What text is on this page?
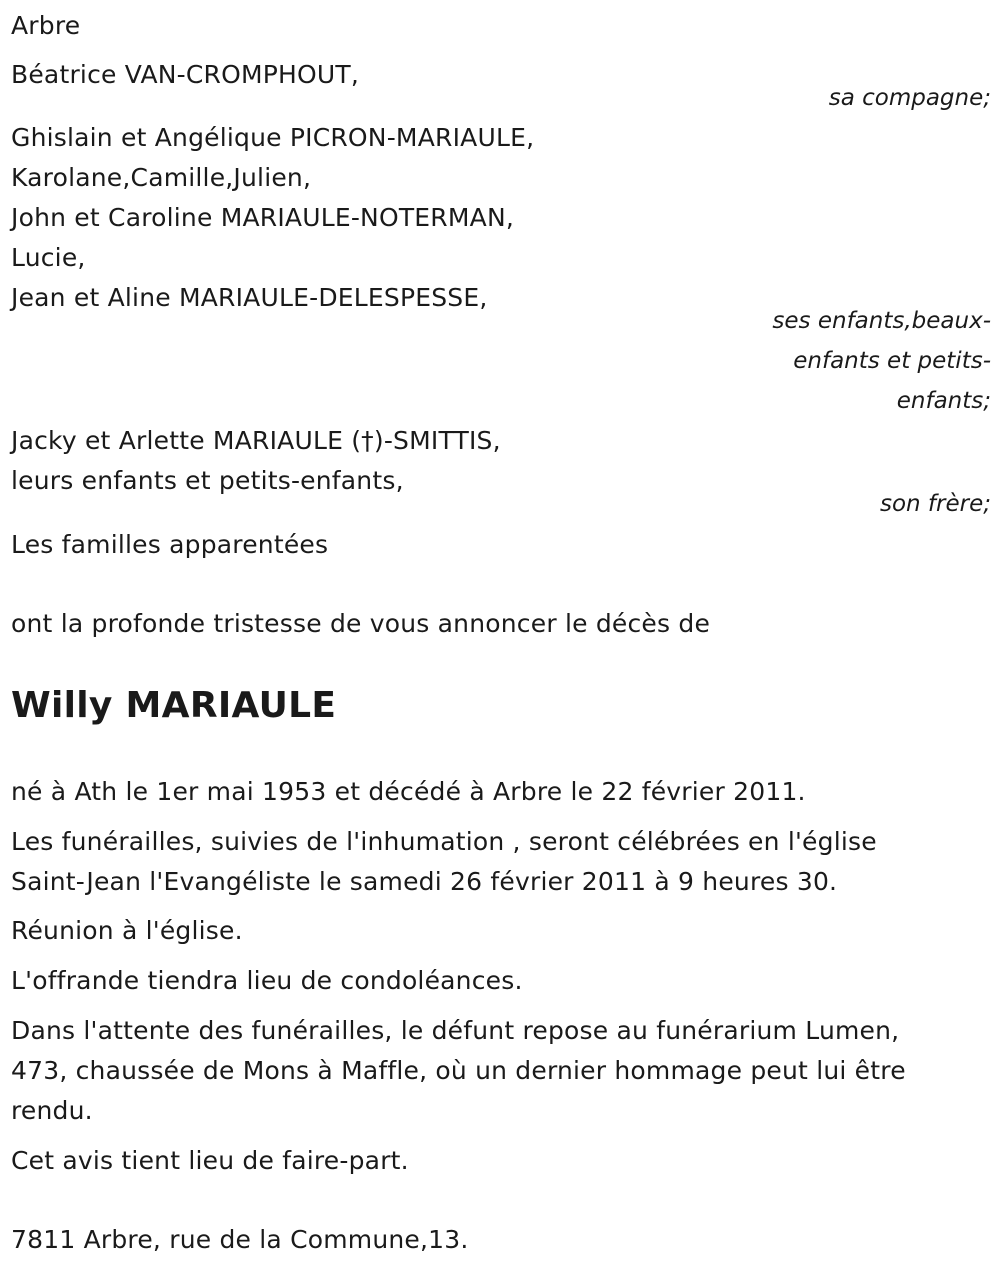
Arbre
Béatrice VAN-CROMPHOUT,
sa compagne;
Ghislain et Angélique PICRON-MARIAULE,
Karolane,Camille,Julien,
John et Caroline MARIAULE-NOTERMAN,
Lucie,
Jean et Aline MARIAULE-DELESPESSE,
ses enfants,beaux-
enfants et petits-
enfants;
Jacky et Arlette MARIAULE (†)-SMITTIS,
leurs enfants et petits-enfants,
son frère;
Les familles apparentées
ont la profonde tristesse de vous annoncer le décès de
Willy MARIAULE
né à Ath le 1er mai 1953 et décédé à Arbre le 22 février 2011.
Les funérailles, suivies de l'inhumation , seront célébrées en l'église
Saint-Jean l'Evangéliste le samedi 26 février 2011 à 9 heures 30.
Réunion à l'église.
L'offrande tiendra lieu de condoléances.
Dans l'attente des funérailles, le défunt repose au funérarium Lumen,
473, chaussée de Mons à Maffle, où un dernier hommage peut lui être
rendu.
Cet avis tient lieu de faire-part.
7811 Arbre, rue de la Commune,13.
